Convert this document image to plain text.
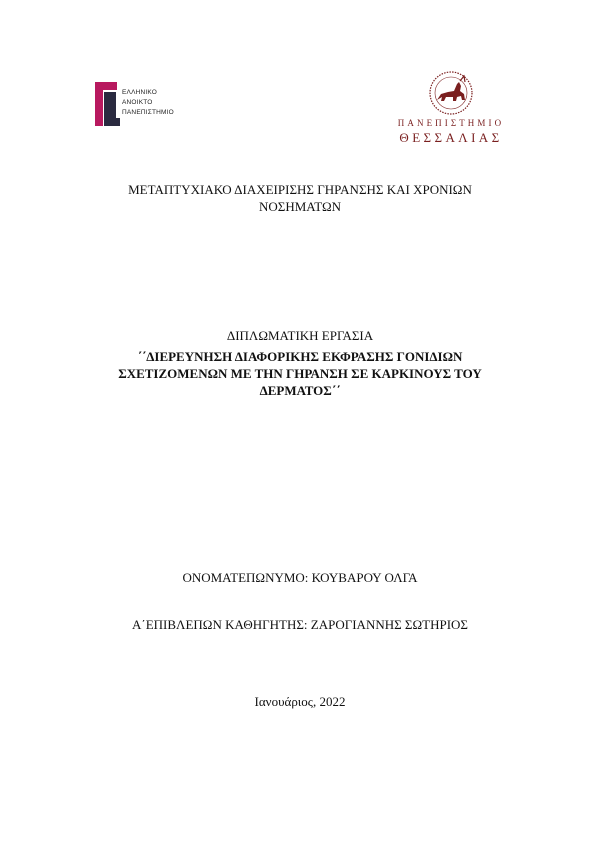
ΕΛΛΗΝΙΚΟ
ΑΝΟΙΚΤΟ
ΠΑΝΕΠΙΣΤΗΜΙΟ
ΠΑΝΕΠΙΣΤΗΜΙΟ
ΘΕΣΣΑΛΙΑΣ
ΜΕΤΑΠΤΥΧΙΑΚΟ ΔΙΑΧΕΙΡΙΣΗΣ ΓΗΡΑΝΣΗΣ ΚΑΙ ΧΡΟΝΙΩΝ
ΝΟΣΗΜΑΤΩΝ
ΔΙΠΛΩΜΑΤΙΚΗ ΕΡΓΑΣΙΑ
΄΄ΔΙΕΡΕΥΝΗΣΗ ΔΙΑΦΟΡΙΚΗΣ ΕΚΦΡΑΣΗΣ ΓΟΝΙΔΙΩΝ
ΣΧΕΤΙΖΟΜΕΝΩΝ ΜΕ ΤΗΝ ΓΗΡΑΝΣΗ ΣΕ ΚΑΡΚΙΝΟΥΣ ΤΟΥ
ΔΕΡΜΑΤΟΣ΄΄
ΟΝΟΜΑΤΕΠΩΝΥΜΟ: ΚΟΥΒΑΡΟΥ ΟΛΓΑ
Α΄ΕΠΙΒΛΕΠΩΝ ΚΑΘΗΓΗΤΗΣ: ΖΑΡΟΓΙΑΝΝΗΣ ΣΩΤΗΡΙΟΣ
Ιανουάριος, 2022
